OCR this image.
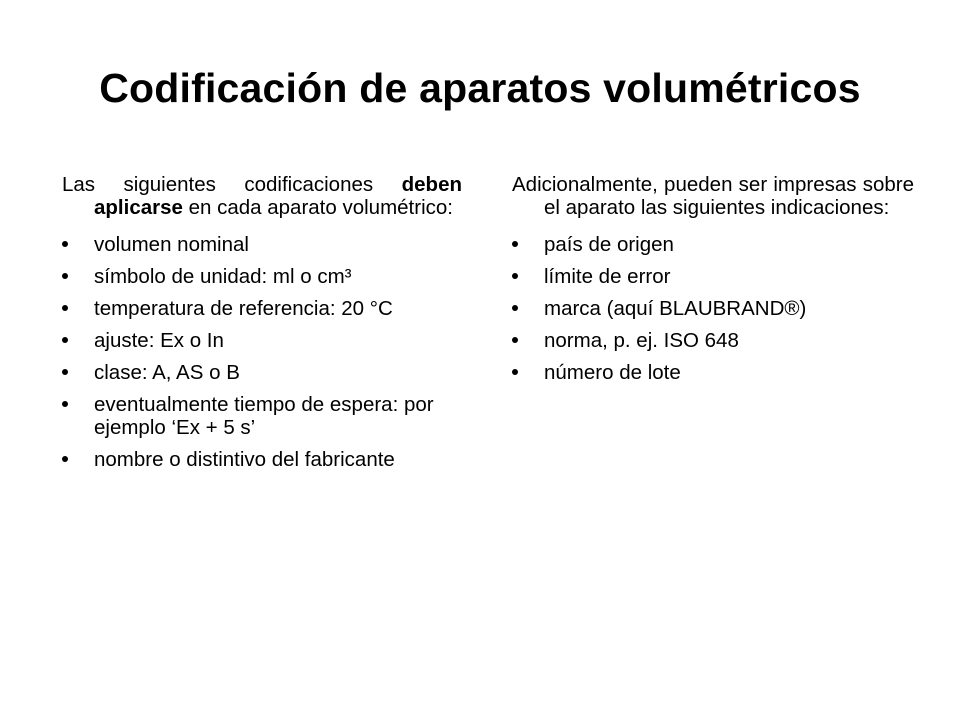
Codificación de aparatos volumétricos

Las siguientes codificaciones deben aplicarse en cada aparato volumétrico:

volumen nominal
símbolo de unidad: ml o cm³
temperatura de referencia: 20 °C
ajuste: Ex o In
clase: A, AS o B
eventualmente tiempo de espera: por ejemplo ‘Ex + 5 s’
nombre o distintivo del fabricante

Adicionalmente, pueden ser impresas sobre el aparato las siguientes indicaciones:

país de origen
límite de error
marca (aquí BLAUBRAND®)
norma, p. ej. ISO 648
número de lote
